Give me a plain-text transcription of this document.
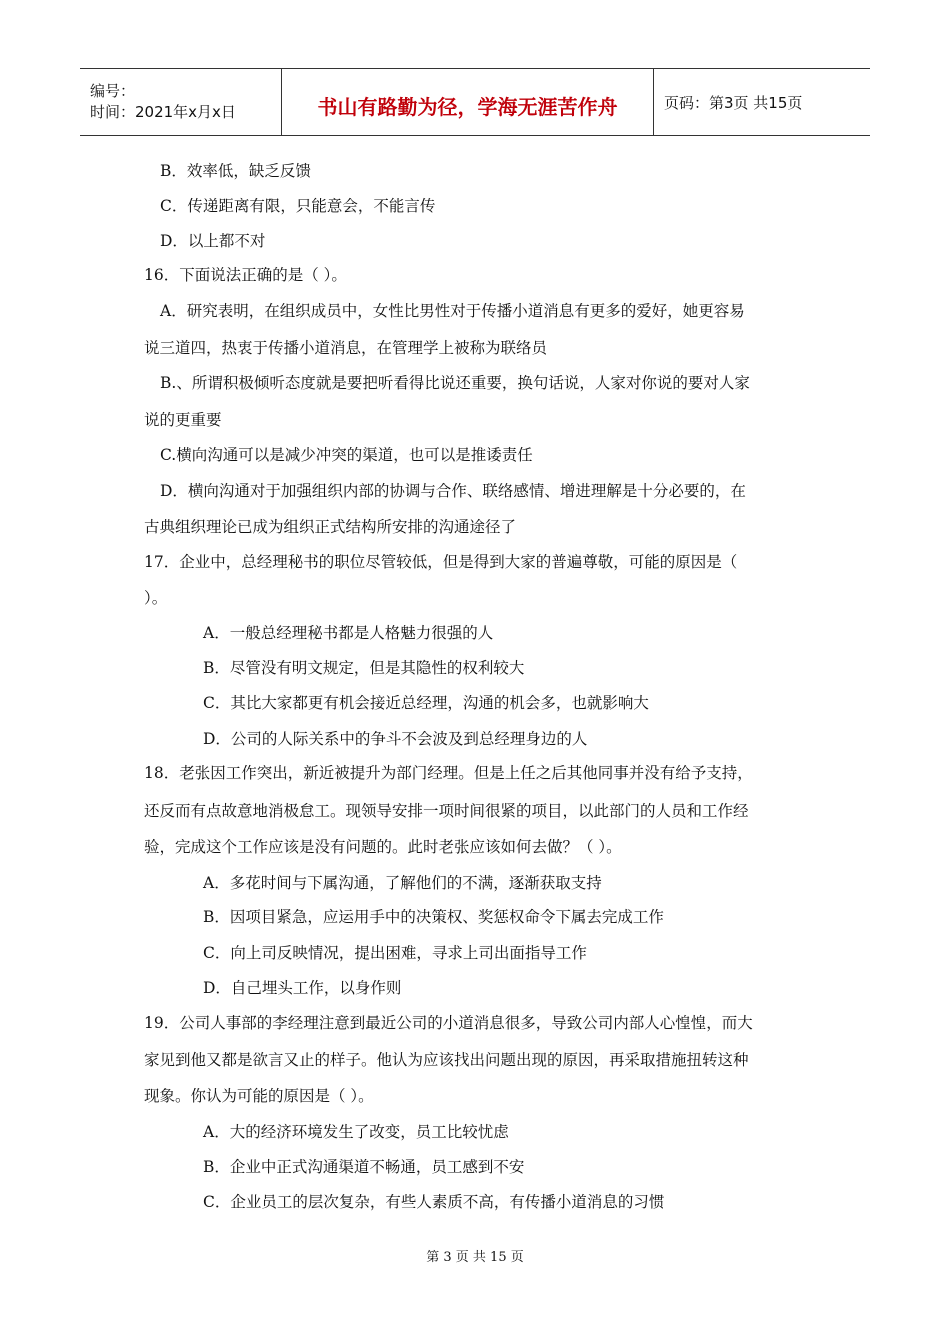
编号：
时间：2021年x月x日	书山有路勤为径，学海无涯苦作舟	页码：第3页 共15页
B．效率低，缺乏反馈
C．传递距离有限，只能意会，不能言传
D．以上都不对
16．下面说法正确的是（ ）。
A．研究表明，在组织成员中，女性比男性对于传播小道消息有更多的爱好，她更容易
说三道四，热衷于传播小道消息，在管理学上被称为联络员
B.、所谓积极倾听态度就是要把听看得比说还重要，换句话说，人家对你说的要对人家
说的更重要
C.横向沟通可以是减少冲突的渠道，也可以是推诿责任
D．横向沟通对于加强组织内部的协调与合作、联络感情、增进理解是十分必要的，在
古典组织理论已成为组织正式结构所安排的沟通途径了
17．企业中，总经理秘书的职位尽管较低，但是得到大家的普遍尊敬，可能的原因是（
）。
A．一般总经理秘书都是人格魅力很强的人
B．尽管没有明文规定，但是其隐性的权利较大
C．其比大家都更有机会接近总经理，沟通的机会多，也就影响大
D．公司的人际关系中的争斗不会波及到总经理身边的人
18．老张因工作突出，新近被提升为部门经理。但是上任之后其他同事并没有给予支持，
还反而有点故意地消极怠工。现领导安排一项时间很紧的项目，以此部门的人员和工作经
验，完成这个工作应该是没有问题的。此时老张应该如何去做？（ ）。
A．多花时间与下属沟通，了解他们的不满，逐渐获取支持
B．因项目紧急，应运用手中的决策权、奖惩权命令下属去完成工作
C．向上司反映情况，提出困难，寻求上司出面指导工作
D．自己埋头工作，以身作则
19．公司人事部的李经理注意到最近公司的小道消息很多，导致公司内部人心惶惶，而大
家见到他又都是欲言又止的样子。他认为应该找出问题出现的原因，再采取措施扭转这种
现象。你认为可能的原因是（ ）。
A．大的经济环境发生了改变，员工比较忧虑
B．企业中正式沟通渠道不畅通，员工感到不安
C．企业员工的层次复杂，有些人素质不高，有传播小道消息的习惯
第 3 页 共 15 页
